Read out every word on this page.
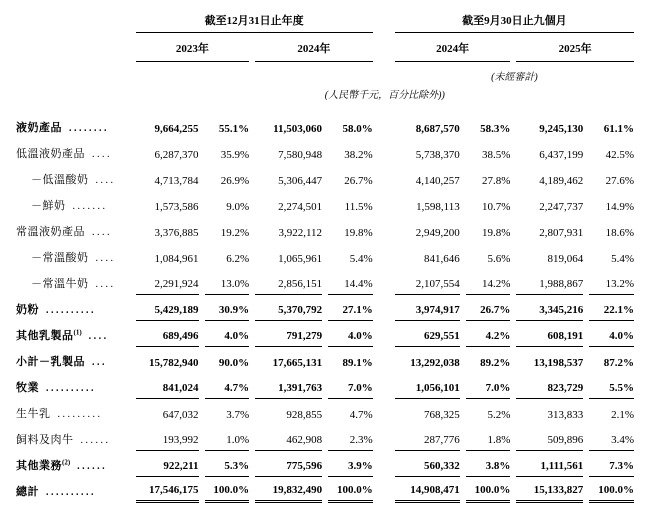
	截至12月31日止年度					截至9月30日止九個月			
	2023年		2024年			2024年		2025年	
						(未經審計)			
	(人民幣千元，百分比除外))								
液奶產品 ........	9,664,255	55.1%	11,503,060	58.0%		8,687,570	58.3%	9,245,130	61.1%
低溫液奶產品 ....	6,287,370	35.9%	7,580,948	38.2%		5,738,370	38.5%	6,437,199	42.5%
－低溫酸奶 ....	4,713,784	26.9%	5,306,447	26.7%		4,140,257	27.8%	4,189,462	27.6%
－鮮奶 .......	1,573,586	9.0%	2,274,501	11.5%		1,598,113	10.7%	2,247,737	14.9%
常溫液奶產品 ....	3,376,885	19.2%	3,922,112	19.8%		2,949,200	19.8%	2,807,931	18.6%
－常溫酸奶 ....	1,084,961	6.2%	1,065,961	5.4%		841,646	5.6%	819,064	5.4%
－常溫牛奶 ....	2,291,924	13.0%	2,856,151	14.4%		2,107,554	14.2%	1,988,867	13.2%
奶粉 ..........	5,429,189	30.9%	5,370,792	27.1%		3,974,917	26.7%	3,345,216	22.1%
其他乳製品$^{(1)}$ ....	689,496	4.0%	791,279	4.0%		629,551	4.2%	608,191	4.0%
小計－乳製品 ...	15,782,940	90.0%	17,665,131	89.1%		13,292,038	89.2%	13,198,537	87.2%
牧業 ..........	841,024	4.7%	1,391,763	7.0%		1,056,101	7.0%	823,729	5.5%
生牛乳 .........	647,032	3.7%	928,855	4.7%		768,325	5.2%	313,833	2.1%
飼料及肉牛 ......	193,992	1.0%	462,908	2.3%		287,776	1.8%	509,896	3.4%
其他業務$^{(2)}$ ......	922,211	5.3%	775,596	3.9%		560,332	3.8%	1,111,561	7.3%
總計 ..........	17,546,175	100.0%	19,832,490	100.0%		14,908,471	100.0%	15,133,827	100.0%
